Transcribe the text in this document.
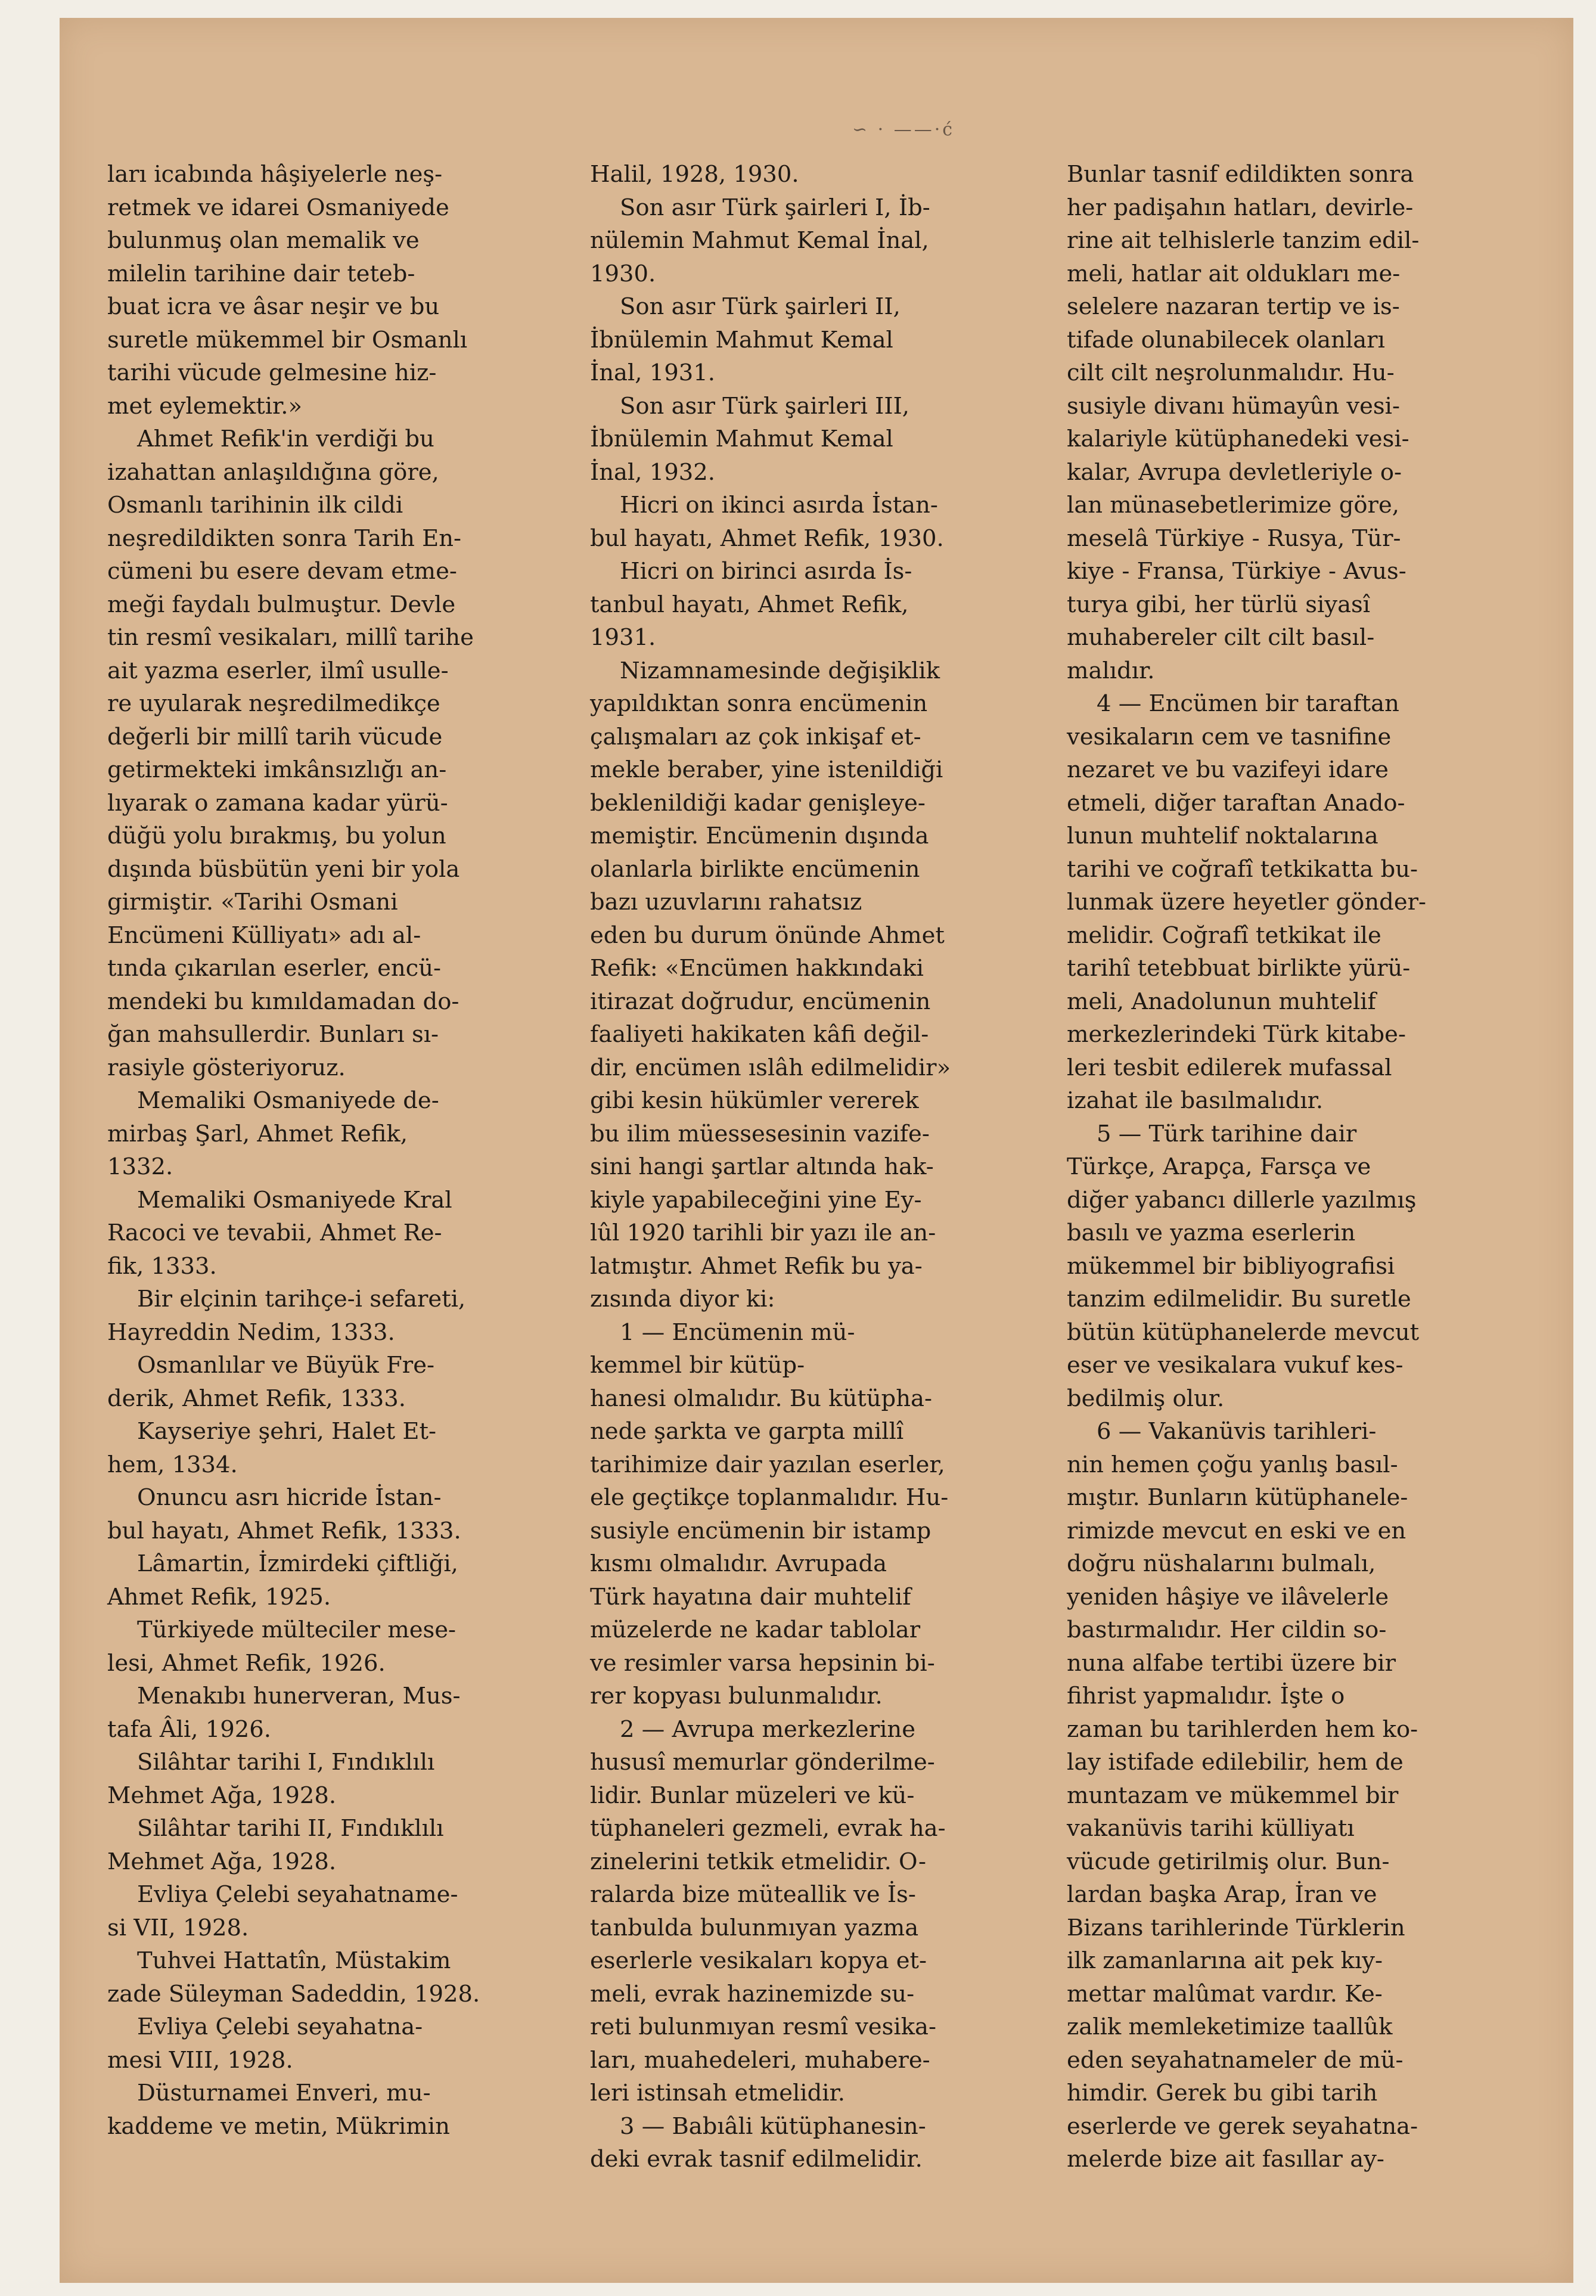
∽ · ——·ć

ları icabında hâşiyelerle neş-

retmek ve idarei Osmaniyede

bulunmuş olan memalik ve

milelin tarihine dair teteb-

buat icra ve âsar neşir ve bu

suretle mükemmel bir Osmanlı

tarihi vücude gelmesine hiz-

met eylemektir.»

Ahmet Refik'in verdiği bu

izahattan anlaşıldığına göre,

Osmanlı tarihinin ilk cildi

neşredildikten sonra Tarih En-

cümeni bu esere devam etme-

meği faydalı bulmuştur. Devle

tin resmî vesikaları, millî tarihe

ait yazma eserler, ilmî usulle-

re uyularak neşredilmedikçe

değerli bir millî tarih vücude

getirmekteki imkânsızlığı an-

lıyarak o zamana kadar yürü-

düğü yolu bırakmış, bu yolun

dışında büsbütün yeni bir yola

girmiştir. «Tarihi Osmani

Encümeni Külliyatı» adı al-

tında çıkarılan eserler, encü-

mendeki bu kımıldamadan do-

ğan mahsullerdir. Bunları sı-

rasiyle gösteriyoruz.

Memaliki Osmaniyede de-

mirbaş Şarl, Ahmet Refik,

1332.

Memaliki Osmaniyede Kral

Racoci ve tevabii, Ahmet Re-

fik, 1333.

Bir elçinin tarihçe-i sefareti,

Hayreddin Nedim, 1333.

Osmanlılar ve Büyük Fre-

derik, Ahmet Refik, 1333.

Kayseriye şehri, Halet Et-

hem, 1334.

Onuncu asrı hicride İstan-

bul hayatı, Ahmet Refik, 1333.

Lâmartin, İzmirdeki çiftliği,

Ahmet Refik, 1925.

Türkiyede mülteciler mese-

lesi, Ahmet Refik, 1926.

Menakıbı hunerveran, Mus-

tafa Âli, 1926.

Silâhtar tarihi I, Fındıklılı

Mehmet Ağa, 1928.

Silâhtar tarihi II, Fındıklılı

Mehmet Ağa, 1928.

Evliya Çelebi seyahatname-

si VII, 1928.

Tuhvei Hattatîn, Müstakim

zade Süleyman Sadeddin, 1928.

Evliya Çelebi seyahatna-

mesi VIII, 1928.

Düsturnamei Enveri, mu-

kaddeme ve metin, Mükrimin

Halil, 1928, 1930.

Son asır Türk şairleri I, İb-

nülemin Mahmut Kemal İnal,

1930.

Son asır Türk şairleri II,

İbnülemin Mahmut Kemal

İnal, 1931.

Son asır Türk şairleri III,

İbnülemin Mahmut Kemal

İnal, 1932.

Hicri on ikinci asırda İstan-

bul hayatı, Ahmet Refik, 1930.

Hicri on birinci asırda İs-

tanbul hayatı, Ahmet Refik,

1931.

Nizamnamesinde değişiklik

yapıldıktan sonra encümenin

çalışmaları az çok inkişaf et-

mekle beraber, yine istenildiği

beklenildiği kadar genişleye-

memiştir. Encümenin dışında

olanlarla birlikte encümenin

bazı uzuvlarını rahatsız

eden bu durum önünde Ahmet

Refik: «Encümen hakkındaki

itirazat doğrudur, encümenin

faaliyeti hakikaten kâfi değil-

dir, encümen ıslâh edilmelidir»

gibi kesin hükümler vererek

bu ilim müessesesinin vazife-

sini hangi şartlar altında hak-

kiyle yapabileceğini yine Ey-

lûl 1920 tarihli bir yazı ile an-

latmıştır. Ahmet Refik bu ya-

zısında diyor ki:

1 — Encümenin mü-

kemmel bir kütüp-

hanesi olmalıdır. Bu kütüpha-

nede şarkta ve garpta millî

tarihimize dair yazılan eserler,

ele geçtikçe toplanmalıdır. Hu-

susiyle encümenin bir istamp

kısmı olmalıdır. Avrupada

Türk hayatına dair muhtelif

müzelerde ne kadar tablolar

ve resimler varsa hepsinin bi-

rer kopyası bulunmalıdır.

2 — Avrupa merkezlerine

hususî memurlar gönderilme-

lidir. Bunlar müzeleri ve kü-

tüphaneleri gezmeli, evrak ha-

zinelerini tetkik etmelidir. O-

ralarda bize müteallik ve İs-

tanbulda bulunmıyan yazma

eserlerle vesikaları kopya et-

meli, evrak hazinemizde su-

reti bulunmıyan resmî vesika-

ları, muahedeleri, muhabere-

leri istinsah etmelidir.

3 — Babıâli kütüphanesin-

deki evrak tasnif edilmelidir.

Bunlar tasnif edildikten sonra

her padişahın hatları, devirle-

rine ait telhislerle tanzim edil-

meli, hatlar ait oldukları me-

selelere nazaran tertip ve is-

tifade olunabilecek olanları

cilt cilt neşrolunmalıdır. Hu-

susiyle divanı hümayûn vesi-

kalariyle kütüphanedeki vesi-

kalar, Avrupa devletleriyle o-

lan münasebetlerimize göre,

meselâ Türkiye - Rusya, Tür-

kiye - Fransa, Türkiye - Avus-

turya gibi, her türlü siyasî

muhabereler cilt cilt basıl-

malıdır.

4 — Encümen bir taraftan

vesikaların cem ve tasnifine

nezaret ve bu vazifeyi idare

etmeli, diğer taraftan Anado-

lunun muhtelif noktalarına

tarihi ve coğrafî tetkikatta bu-

lunmak üzere heyetler gönder-

melidir. Coğrafî tetkikat ile

tarihî tetebbuat birlikte yürü-

meli, Anadolunun muhtelif

merkezlerindeki Türk kitabe-

leri tesbit edilerek mufassal

izahat ile basılmalıdır.

5 — Türk tarihine dair

Türkçe, Arapça, Farsça ve

diğer yabancı dillerle yazılmış

basılı ve yazma eserlerin

mükemmel bir bibliyografisi

tanzim edilmelidir. Bu suretle

bütün kütüphanelerde mevcut

eser ve vesikalara vukuf kes-

bedilmiş olur.

6 — Vakanüvis tarihleri-

nin hemen çoğu yanlış basıl-

mıştır. Bunların kütüphanele-

rimizde mevcut en eski ve en

doğru nüshalarını bulmalı,

yeniden hâşiye ve ilâvelerle

bastırmalıdır. Her cildin so-

nuna alfabe tertibi üzere bir

fihrist yapmalıdır. İşte o

zaman bu tarihlerden hem ko-

lay istifade edilebilir, hem de

muntazam ve mükemmel bir

vakanüvis tarihi külliyatı

vücude getirilmiş olur. Bun-

lardan başka Arap, İran ve

Bizans tarihlerinde Türklerin

ilk zamanlarına ait pek kıy-

mettar malûmat vardır. Ke-

zalik memleketimize taallûk

eden seyahatnameler de mü-

himdir. Gerek bu gibi tarih

eserlerde ve gerek seyahatna-

melerde bize ait fasıllar ay-
